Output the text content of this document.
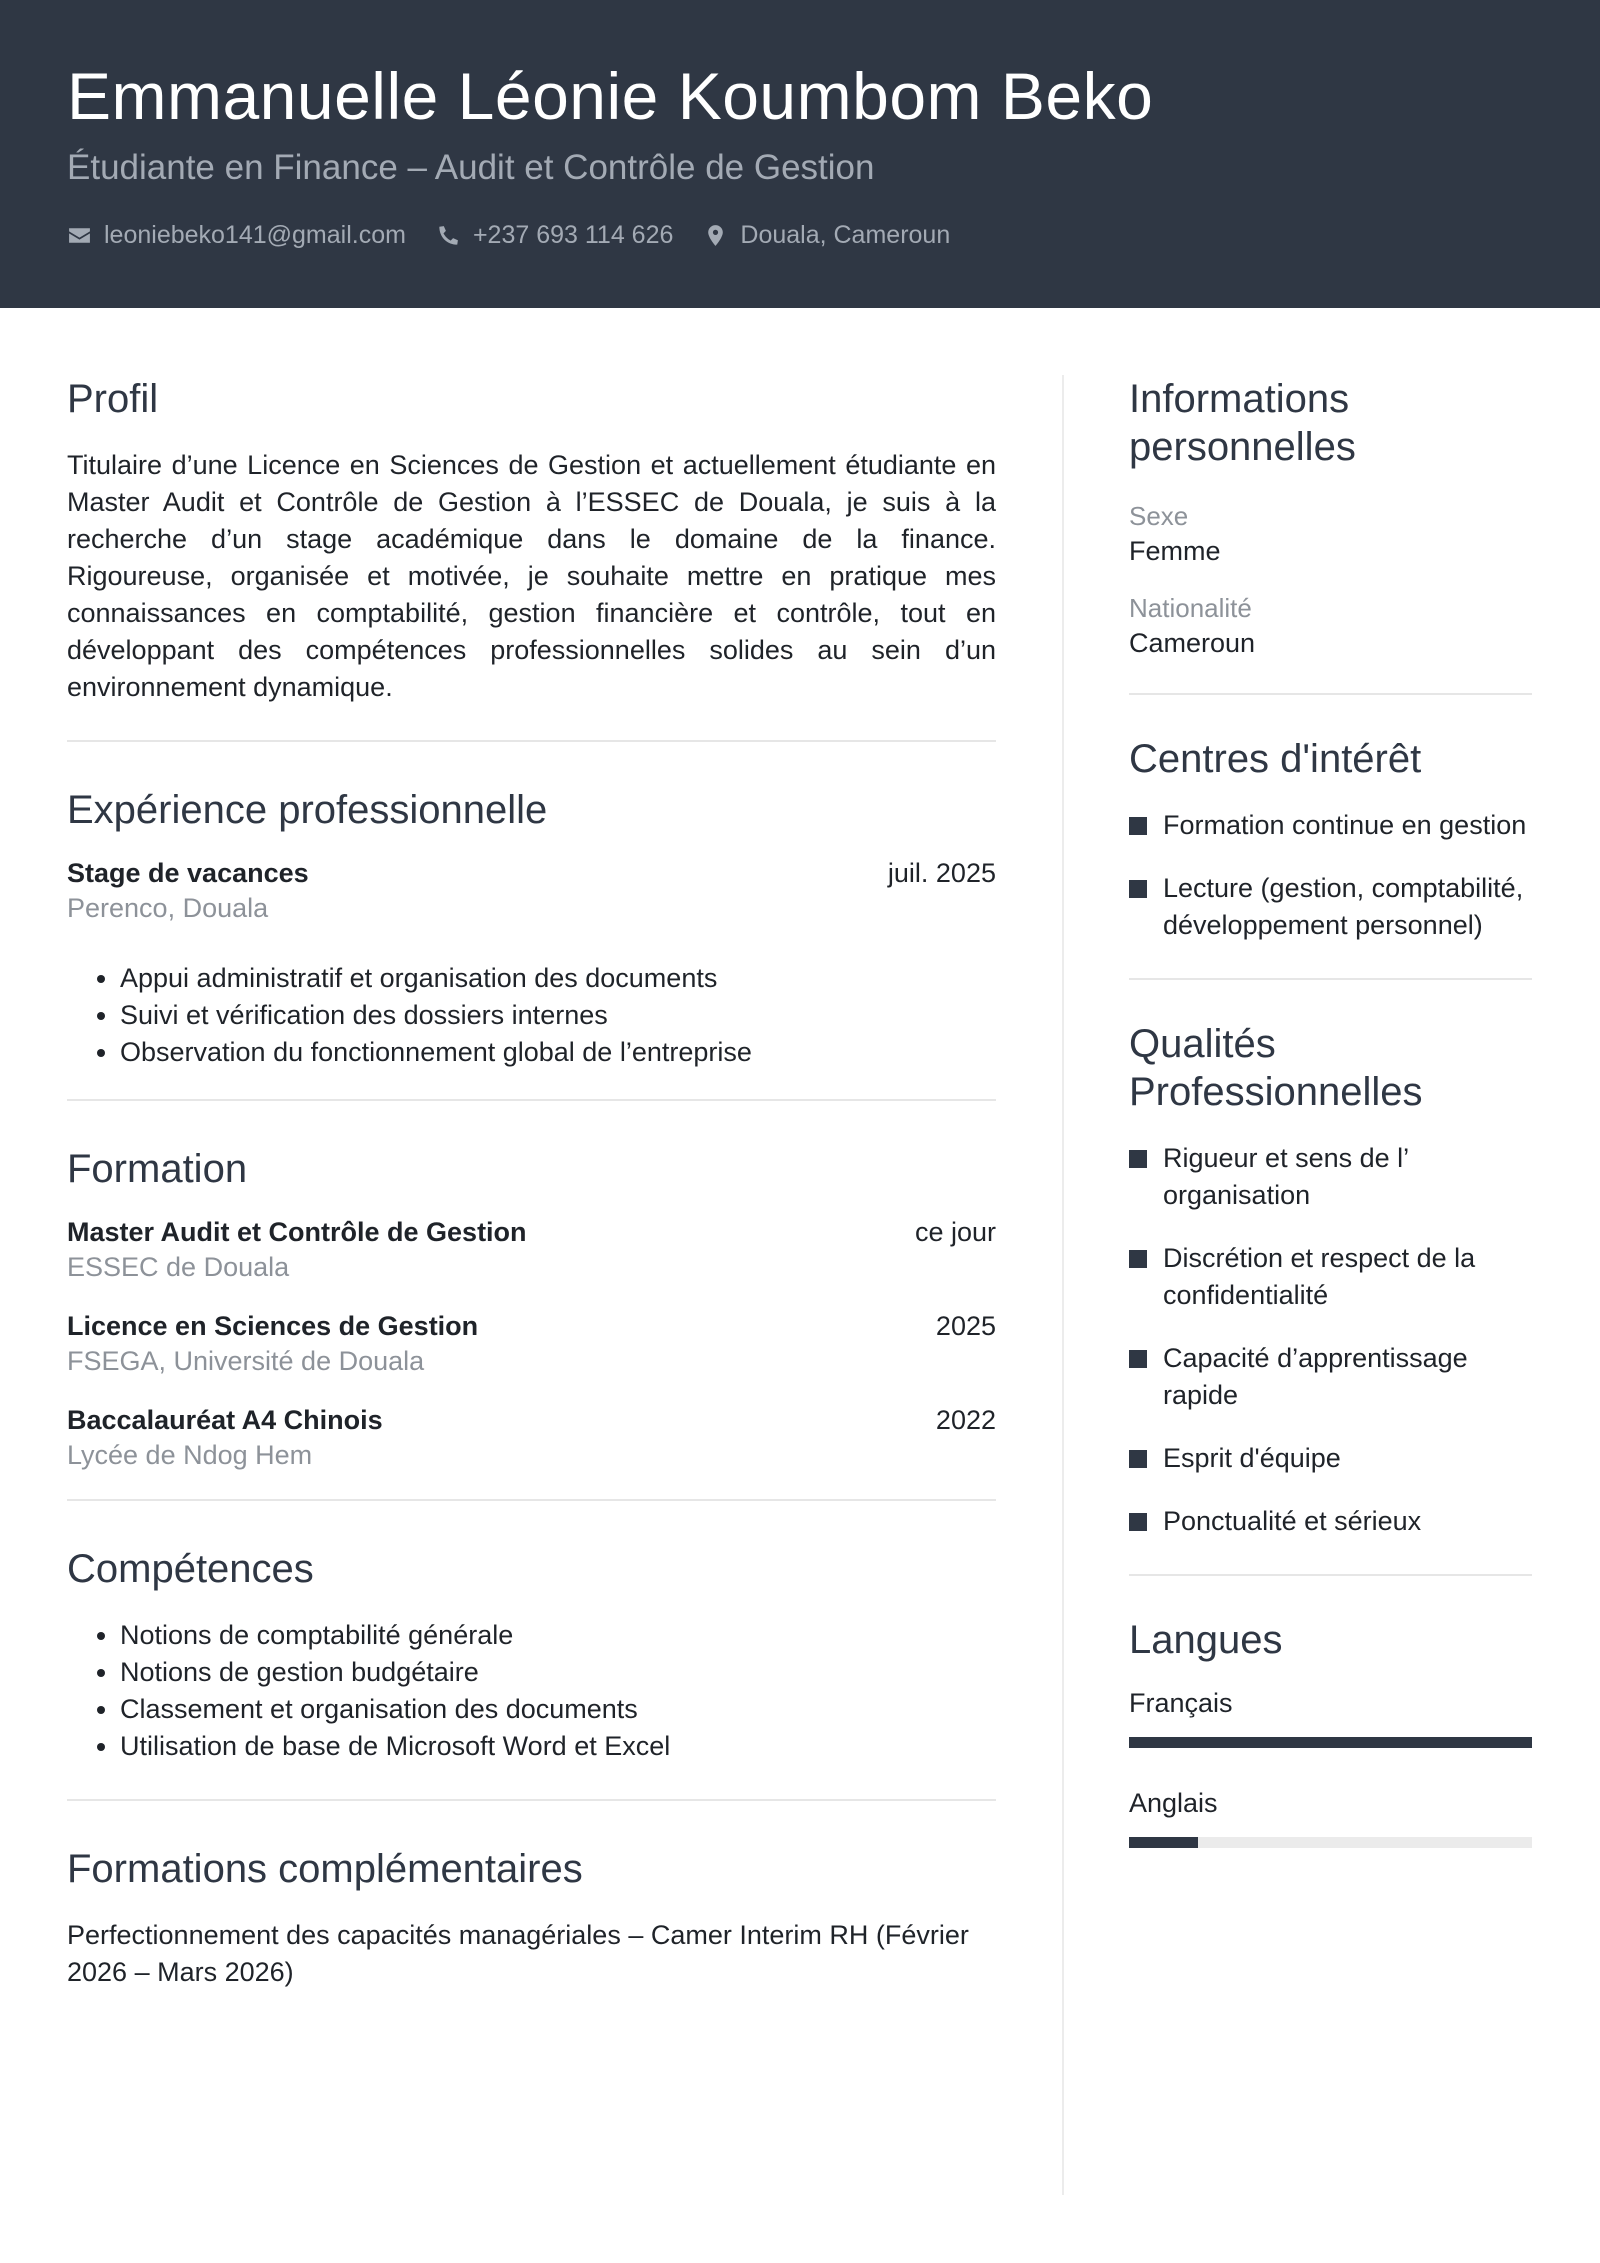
Emmanuelle Léonie Koumbom Beko
Étudiante en Finance – Audit et Contrôle de Gestion
leoniebeko141@gmail.com	+237 693 114 626	Douala, Cameroun
Profil
Titulaire d’une Licence en Sciences de Gestion et actuellement étudiante en Master Audit et Contrôle de Gestion à l’ESSEC de Douala, je suis à la recherche d’un stage académique dans le domaine de la finance. Rigoureuse, organisée et motivée, je souhaite mettre en pratique mes connaissances en comptabilité, gestion financière et contrôle, tout en développant des compétences professionnelles solides au sein d’un environnement dynamique.
Expérience professionnelle
Stage de vacances	juil. 2025
Perenco, Douala
• Appui administratif et organisation des documents
• Suivi et vérification des dossiers internes
• Observation du fonctionnement global de l’entreprise
Formation
Master Audit et Contrôle de Gestion	ce jour
ESSEC de Douala
Licence en Sciences de Gestion	2025
FSEGA, Université de Douala
Baccalauréat A4 Chinois	2022
Lycée de Ndog Hem
Compétences
• Notions de comptabilité générale
• Notions de gestion budgétaire
• Classement et organisation des documents
• Utilisation de base de Microsoft Word et Excel
Formations complémentaires
Perfectionnement des capacités managériales – Camer Interim RH (Février 2026 – Mars 2026)
Informations personnelles
Sexe
Femme
Nationalité
Cameroun
Centres d'intérêt
Formation continue en gestion
Lecture (gestion, comptabilité, développement personnel)
Qualités Professionnelles
Rigueur et sens de l’ organisation
Discrétion et respect de la confidentialité
Capacité d’apprentissage rapide
Esprit d'équipe
Ponctualité et sérieux
Langues
Français
Anglais
